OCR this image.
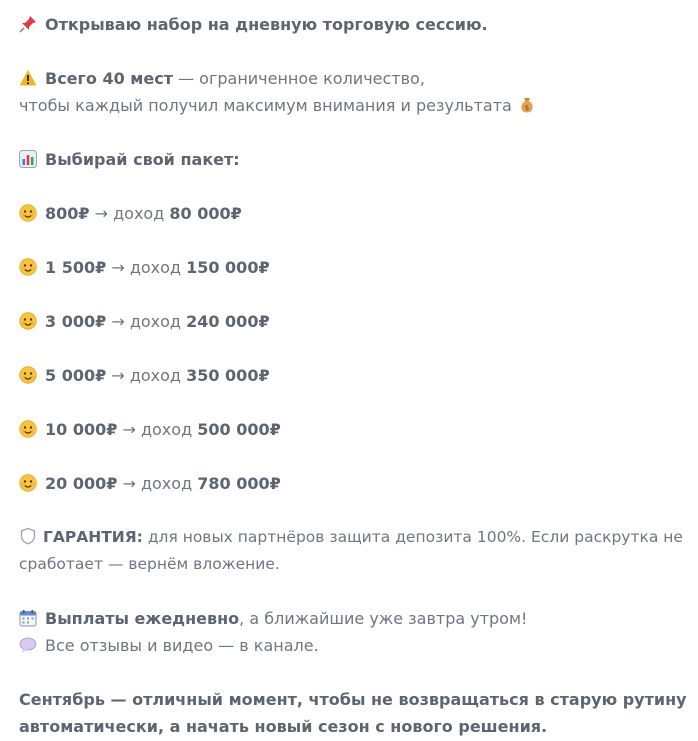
Открываю набор на дневную торговую сессию.
Всего 40 мест — ограниченное количество,
чтобы каждый получил максимум внимания и результата $
Выбирай свой пакет:
800₽ → доход 80 000₽
1 500₽ → доход 150 000₽
3 000₽ → доход 240 000₽
5 000₽ → доход 350 000₽
10 000₽ → доход 500 000₽
20 000₽ → доход 780 000₽
ГАРАНТИЯ: для новых партнёров защита депозита 100%. Если раскрутка не сработает — вернём вложение.
Выплаты ежедневно, а ближайшие уже завтра утром!
Все отзывы и видео — в канале.
Сентябрь — отличный момент, чтобы не возвращаться в старую рутину
автоматически, а начать новый сезон с нового решения.
